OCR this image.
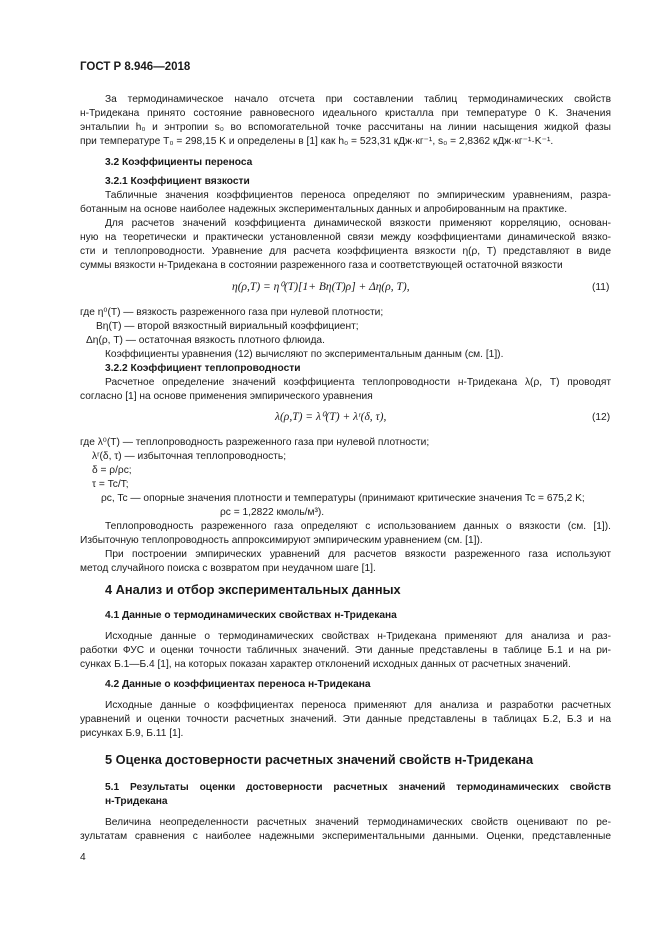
ГОСТ Р 8.946—2018
За термодинамическое начало отсчета при составлении таблиц термодинамических свойств
н-Тридекана принято состояние равновесного идеального кристалла при температуре 0 K. Значения
энтальпии h₀ и энтропии s₀ во вспомогательной точке рассчитаны на линии насыщения жидкой фазы
при температуре T₀ = 298,15 K и определены в [1] как h₀ = 523,31 кДж·кг⁻¹, s₀ = 2,8362 кДж·кг⁻¹·K⁻¹.
3.2 Коэффициенты переноса
3.2.1 Коэффициент вязкости
Табличные значения коэффициентов переноса определяют по эмпирическим уравнениям, разра-
ботанным на основе наиболее надежных экспериментальных данных и апробированным на практике.
Для расчетов значений коэффициента динамической вязкости применяют корреляцию, основан-
ную на теоретически и практически установленной связи между коэффициентами динамической вязко-
сти и теплопроводности. Уравнение для расчета коэффициента вязкости η(ρ, T) представляют в виде
суммы вязкости н-Тридекана в состоянии разреженного газа и соответствующей остаточной вязкости
η(ρ,T) = η⁰(T)[1+ Bη(T)ρ] + Δη(ρ, T),	(11)
где η⁰(T) — вязкость разреженного газа при нулевой плотности;
Bη(T) — второй вязкостный вириальный коэффициент;
Δη(ρ, T) — остаточная вязкость плотного флюида.
Коэффициенты уравнения (12) вычисляют по экспериментальным данным (см. [1]).
3.2.2 Коэффициент теплопроводности
Расчетное определение значений коэффициента теплопроводности н-Тридекана λ(ρ, T) проводят
согласно [1] на основе применения эмпирического уравнения
λ(ρ,T) = λ⁰(T) + λʳ(δ, τ),	(12)
где λ⁰(T) — теплопроводность разреженного газа при нулевой плотности;
λʳ(δ, τ) — избыточная теплопроводность;
δ = ρ/ρc;
τ = Tc/T;
ρc, Tc — опорные значения плотности и температуры (принимают критические значения Tc = 675,2 K;
ρc = 1,2822 кмоль/м³).
Теплопроводность разреженного газа определяют с использованием данных о вязкости (см. [1]).
Избыточную теплопроводность аппроксимируют эмпирическим уравнением (см. [1]).
При построении эмпирических уравнений для расчетов вязкости разреженного газа используют
метод случайного поиска с возвратом при неудачном шаге [1].
4 Анализ и отбор экспериментальных данных
4.1 Данные о термодинамических свойствах н-Тридекана
Исходные данные о термодинамических свойствах н-Тридекана применяют для анализа и раз-
работки ФУС и оценки точности табличных значений. Эти данные представлены в таблице Б.1 и на ри-
сунках Б.1—Б.4 [1], на которых показан характер отклонений исходных данных от расчетных значений.
4.2 Данные о коэффициентах переноса н-Тридекана
Исходные данные о коэффициентах переноса применяют для анализа и разработки расчетных
уравнений и оценки точности расчетных значений. Эти данные представлены в таблицах Б.2, Б.3 и на
рисунках Б.9, Б.11 [1].
5 Оценка достоверности расчетных значений свойств н-Тридекана
5.1 Результаты оценки достоверности расчетных значений термодинамических свойств
н-Тридекана
Величина неопределенности расчетных значений термодинамических свойств оценивают по ре-
зультатам сравнения с наиболее надежными экспериментальными данными. Оценки, представленные
4
